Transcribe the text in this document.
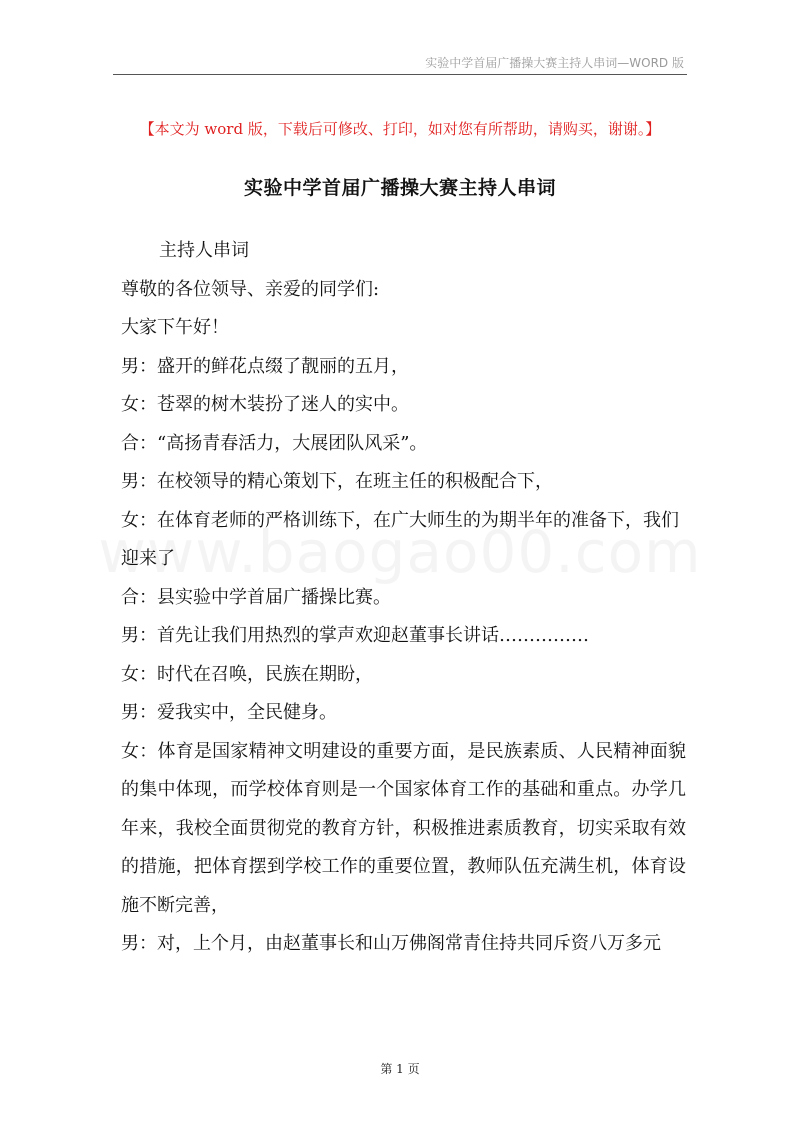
实验中学首届广播操大赛主持人串词—WORD 版
【本文为 word 版，下载后可修改、打印，如对您有所帮助，请购买，谢谢。】
实验中学首届广播操大赛主持人串词

主持人串词

尊敬的各位领导、亲爱的同学们:

大家下午好！

男：盛开的鲜花点缀了靓丽的五月，

女：苍翠的树木装扮了迷人的实中。

合：“高扬青春活力，大展团队风采”。

男：在校领导的精心策划下，在班主任的积极配合下，

女：在体育老师的严格训练下，在广大师生的为期半年的准备下，我们迎来了

合：县实验中学首届广播操比赛。

男：首先让我们用热烈的掌声欢迎赵董事长讲话……………

女：时代在召唤，民族在期盼，

男：爱我实中，全民健身。

女：体育是国家精神文明建设的重要方面，是民族素质、人民精神面貌的集中体现，而学校体育则是一个国家体育工作的基础和重点。办学几年来，我校全面贯彻党的教育方针，积极推进素质教育，切实采取有效的措施，把体育摆到学校工作的重要位置，教师队伍充满生机，体育设施不断完善，

男：对，上个月，由赵董事长和山万佛阁常青住持共同斥资八万多元

第 1 页
